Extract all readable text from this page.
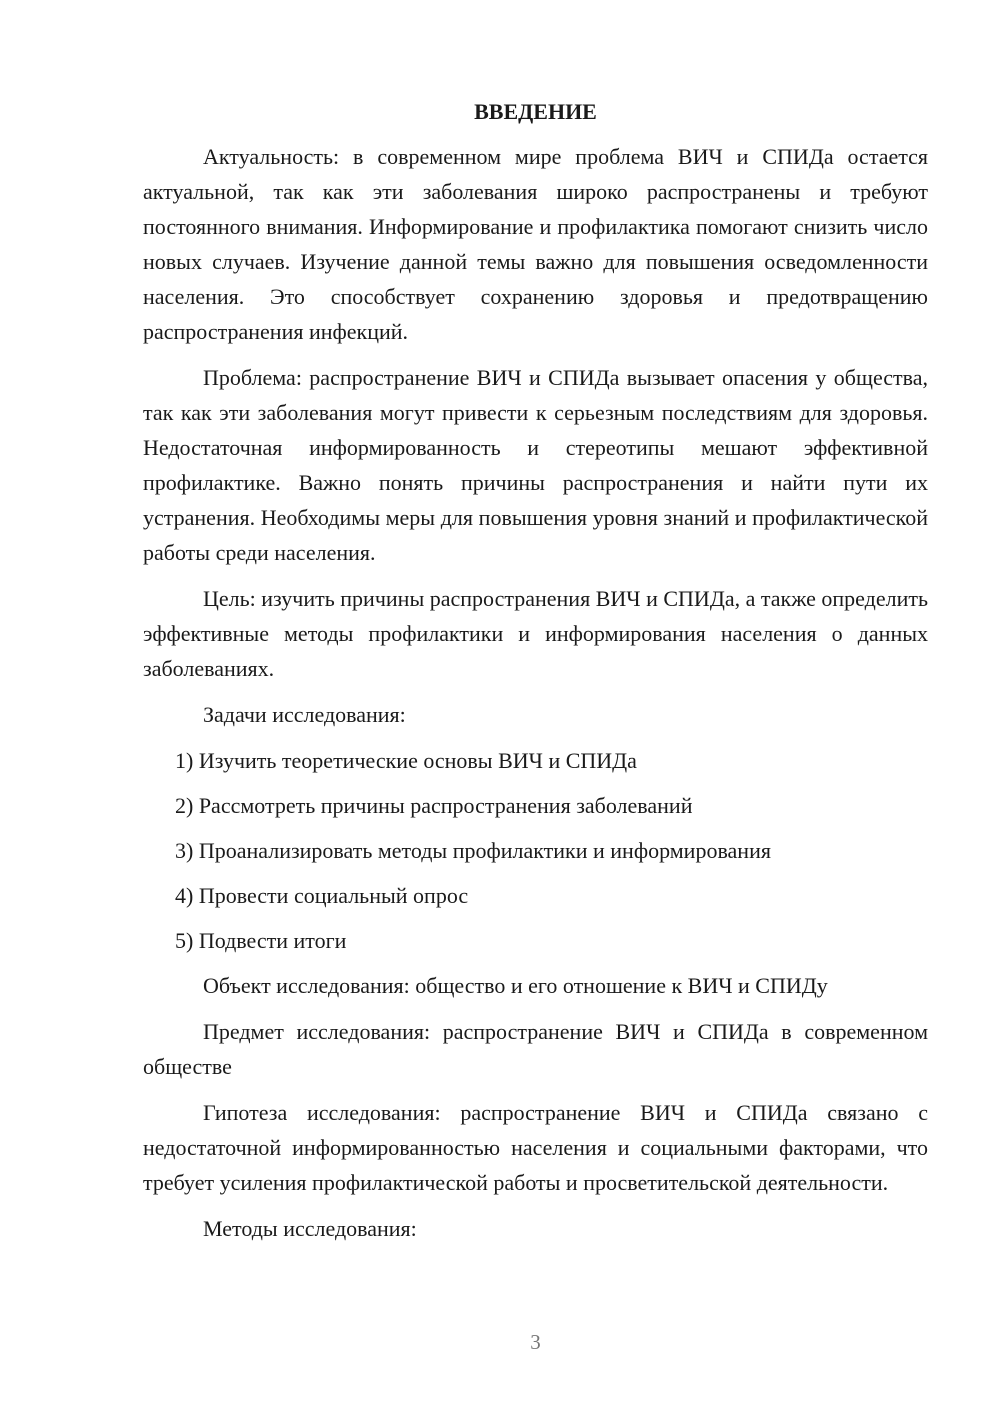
ВВЕДЕНИЕ

Актуальность: в современном мире проблема ВИЧ и СПИДа остается актуальной, так как эти заболевания широко распространены и требуют постоянного внимания. Информирование и профилактика помогают снизить число новых случаев. Изучение данной темы важно для повышения осведомленности населения. Это способствует сохранению здоровья и предотвращению распространения инфекций.

Проблема: распространение ВИЧ и СПИДа вызывает опасения у общества, так как эти заболевания могут привести к серьезным последствиям для здоровья. Недостаточная информированность и стереотипы мешают эффективной профилактике. Важно понять причины распространения и найти пути их устранения. Необходимы меры для повышения уровня знаний и профилактической работы среди населения.

Цель: изучить причины распространения ВИЧ и СПИДа, а также определить эффективные методы профилактики и информирования населения о данных заболеваниях.

Задачи исследования:

1) Изучить теоретические основы ВИЧ и СПИДа
2) Рассмотреть причины распространения заболеваний
3) Проанализировать методы профилактики и информирования
4) Провести социальный опрос
5) Подвести итоги

Объект исследования: общество и его отношение к ВИЧ и СПИДу

Предмет исследования: распространение ВИЧ и СПИДа в современном обществе

Гипотеза исследования: распространение ВИЧ и СПИДа связано с недостаточной информированностью населения и социальными факторами, что требует усиления профилактической работы и просветительской деятельности.

Методы исследования:

3
